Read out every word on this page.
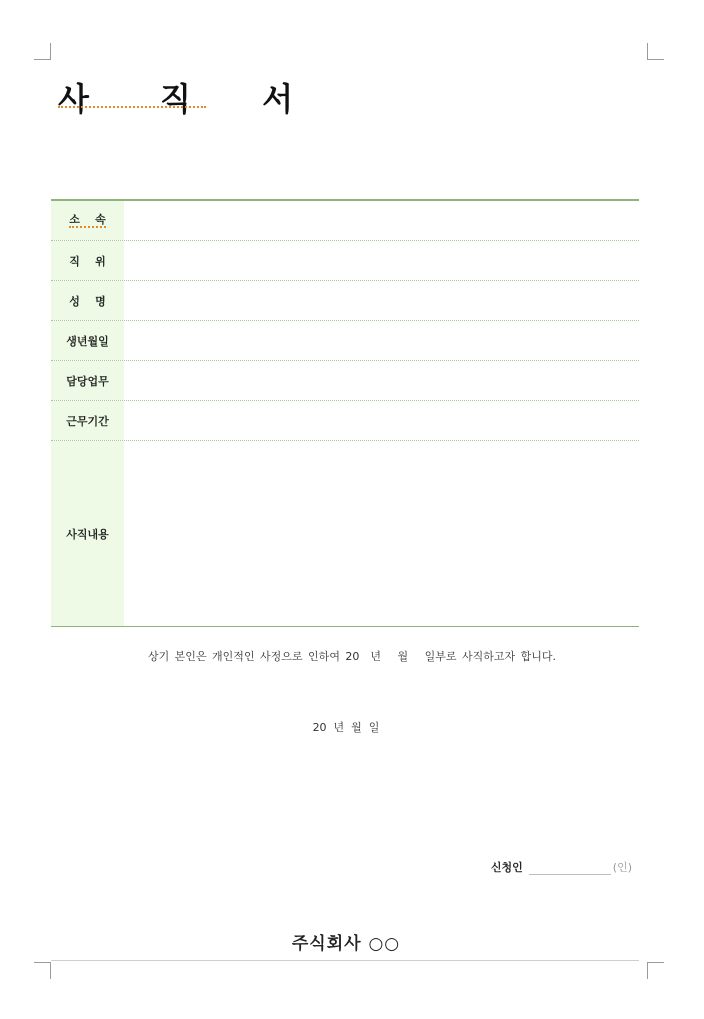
사 직 서
소    속
직    위
성    명
생년월일
담당업무
근무기간
사직내용
상기 본인은 개인적인 사정으로 인하여 20  년   월   일부로 사직하고자 합니다.
20  년  월  일
신청인	(인)
주식회사 ○○
